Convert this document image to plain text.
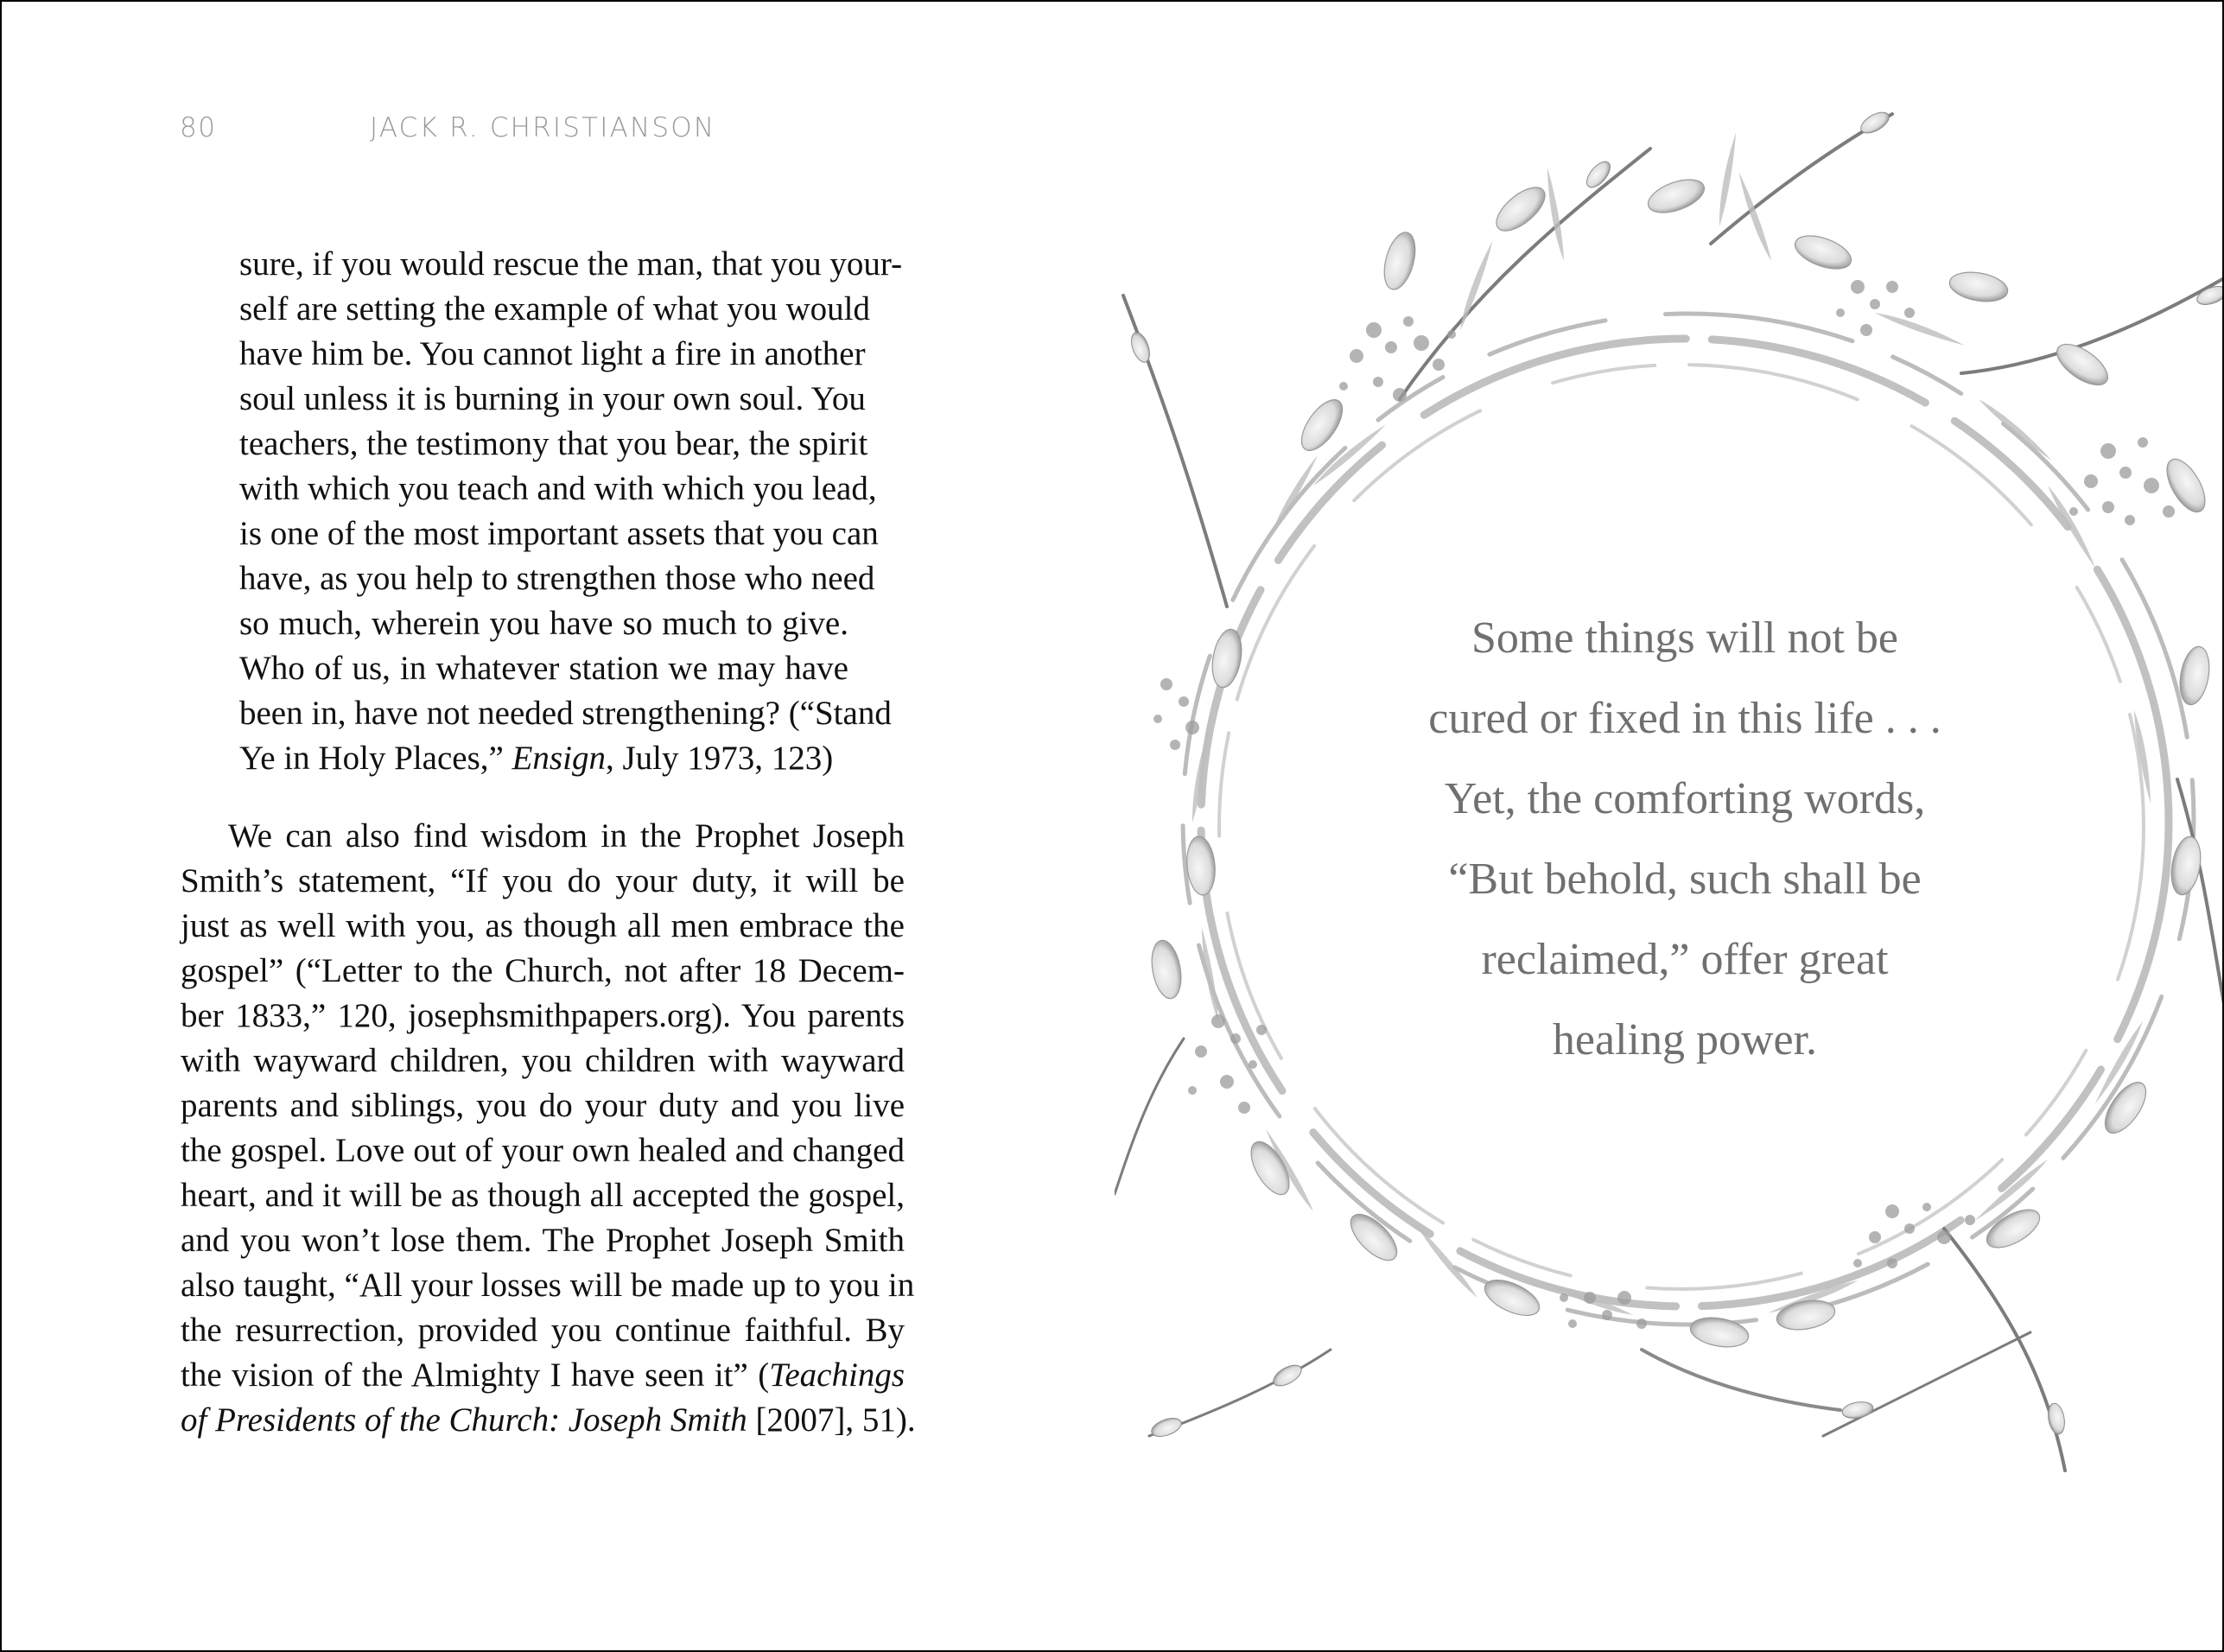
80	JACK R. CHRISTIANSON
sure, if you would rescue the man, that you your-
self are setting the example of what you would
have him be. You cannot light a fire in another
soul unless it is burning in your own soul. You
teachers, the testimony that you bear, the spirit
with which you teach and with which you lead,
is one of the most important assets that you can
have, as you help to strengthen those who need
so much, wherein you have so much to give.
Who of us, in whatever station we may have
been in, have not needed strengthening? (“Stand
Ye in Holy Places,” Ensign, July 1973, 123)
We can also find wisdom in the Prophet Joseph
Smith’s statement, “If you do your duty, it will be
just as well with you, as though all men embrace the
gospel” (“Letter to the Church, not after 18 Decem-
ber 1833,” 120, josephsmithpapers.org). You parents
with wayward children, you children with wayward
parents and siblings, you do your duty and you live
the gospel. Love out of your own healed and changed
heart, and it will be as though all accepted the gospel,
and you won’t lose them. The Prophet Joseph Smith
also taught, “All your losses will be made up to you in
the resurrection, provided you continue faithful. By
the vision of the Almighty I have seen it” (Teachings
of Presidents of the Church: Joseph Smith [2007], 51).
Some things will not be
cured or fixed in this life . . .
Yet, the comforting words,
“But behold, such shall be
reclaimed,” offer great
healing power.
